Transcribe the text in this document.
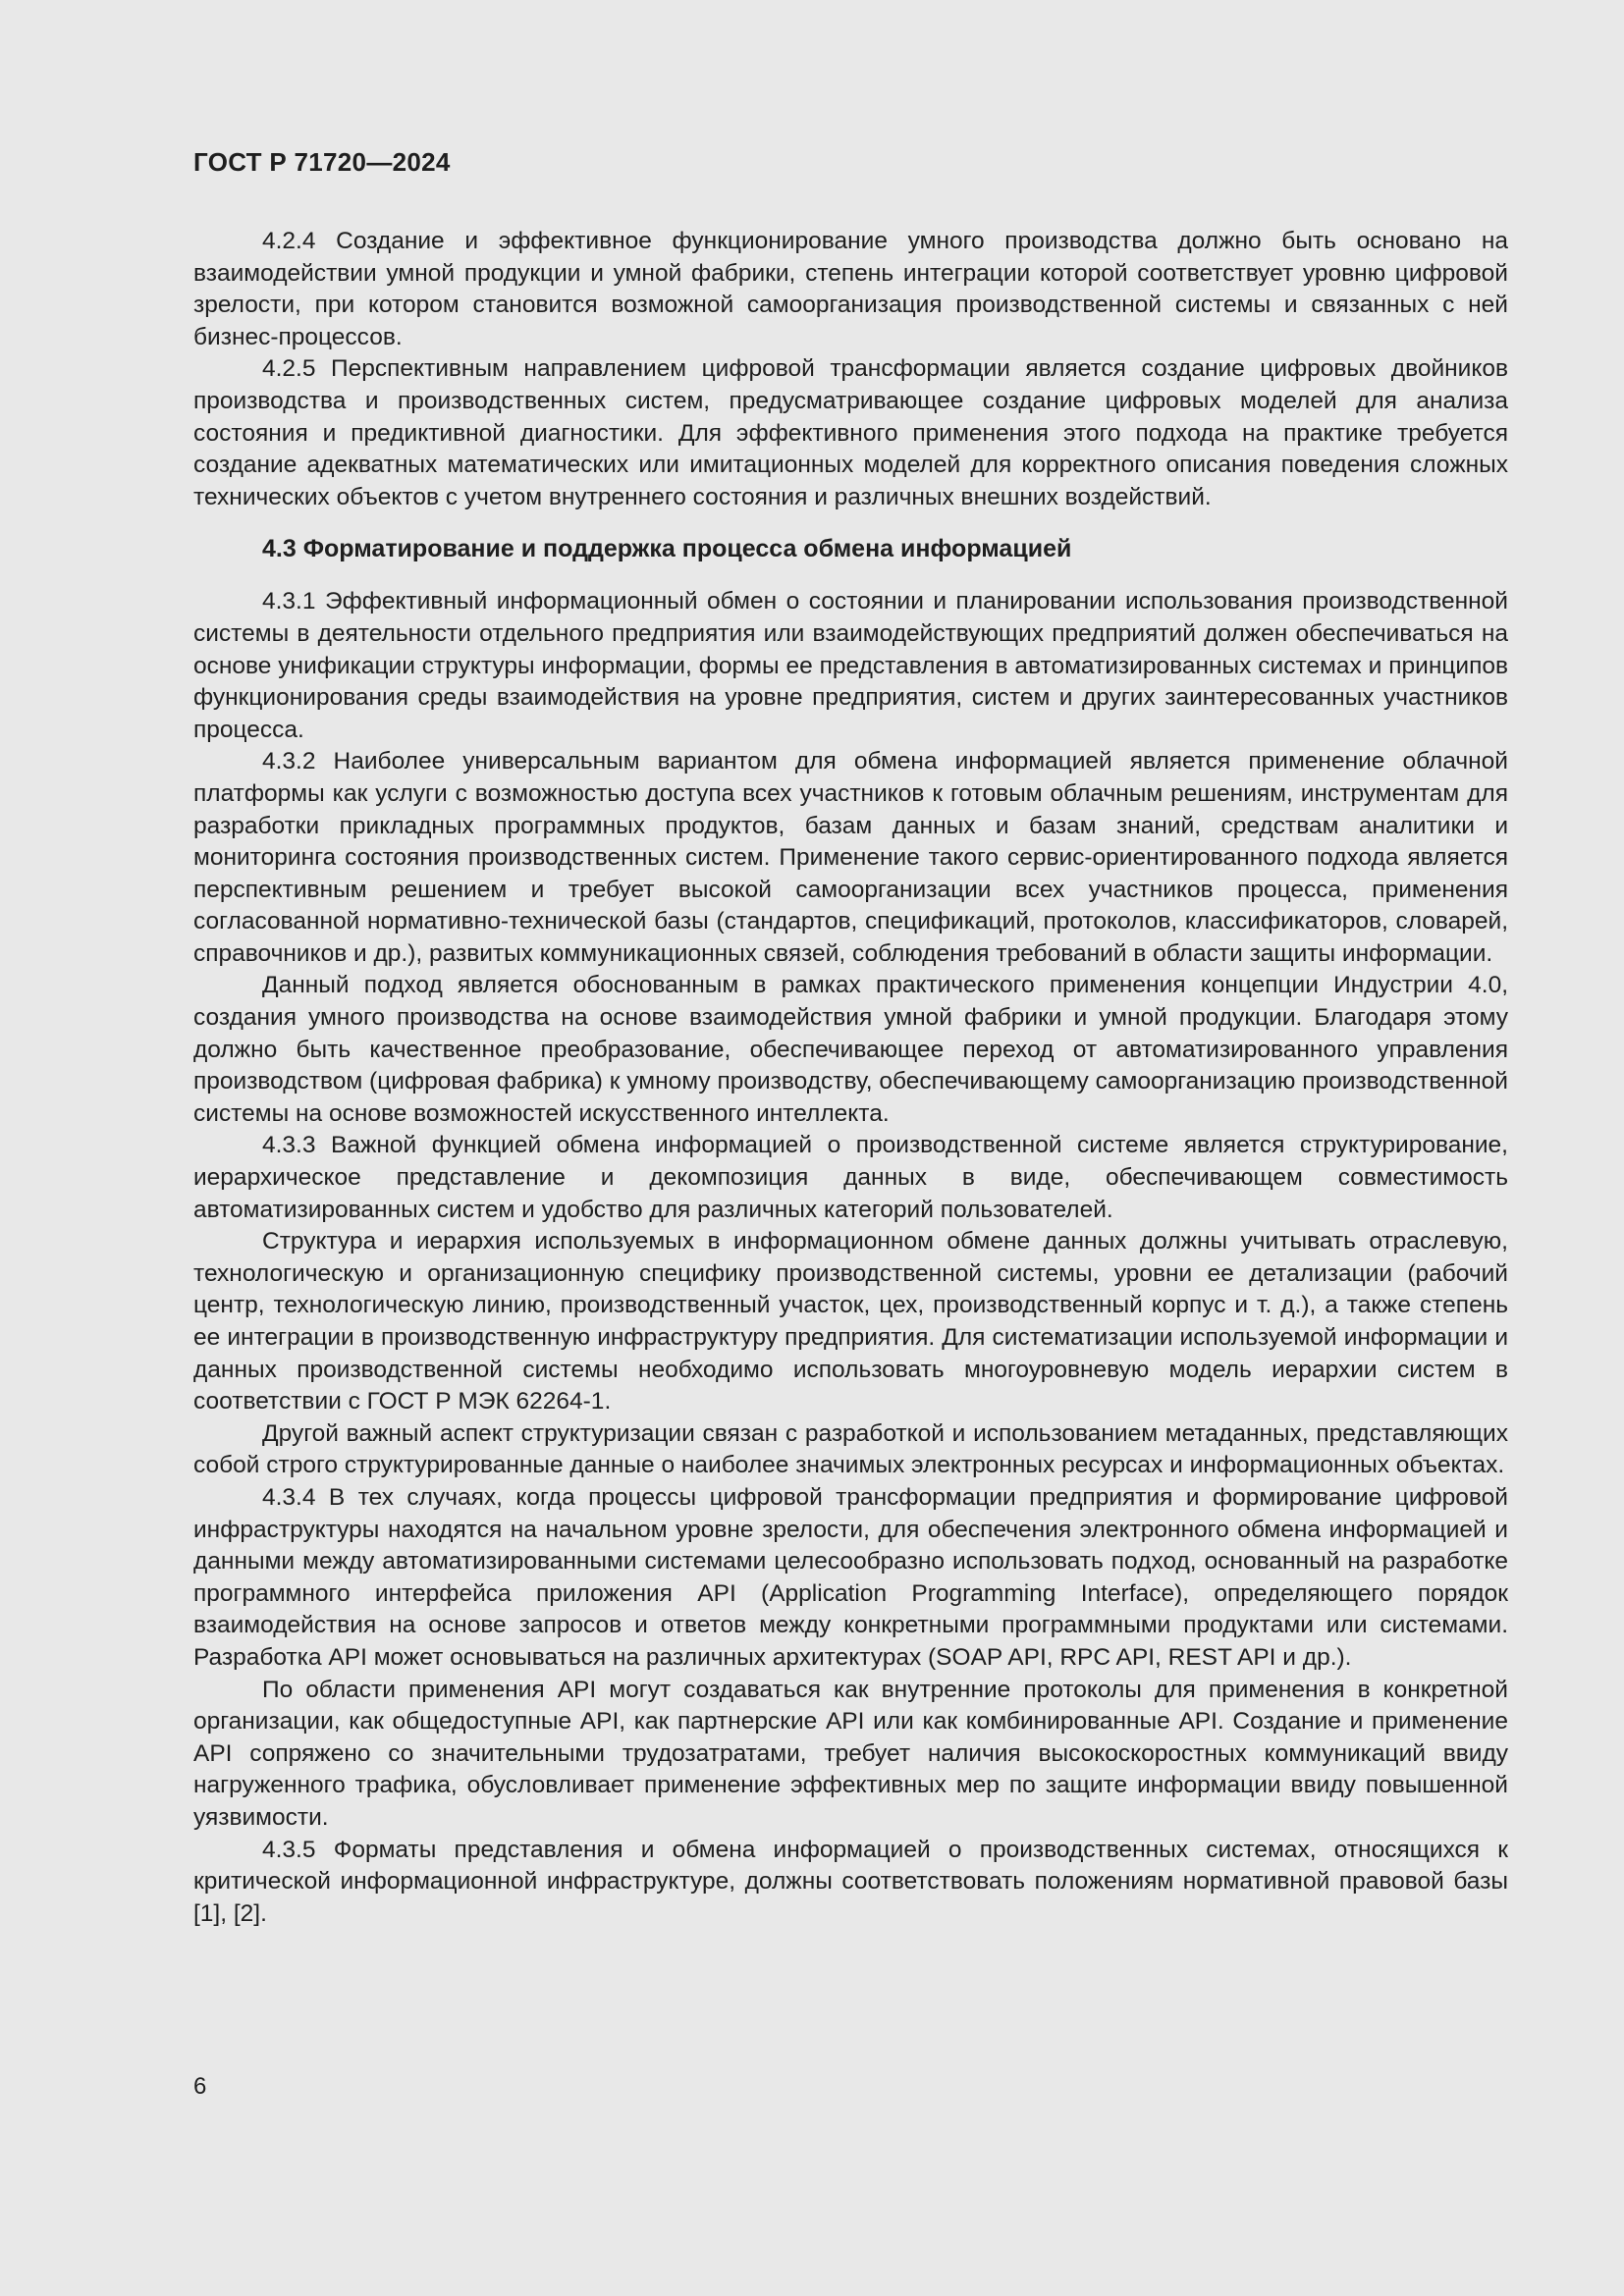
ГОСТ Р 71720—2024

4.2.4 Создание и эффективное функционирование умного производства должно быть основано на взаимодействии умной продукции и умной фабрики, степень интеграции которой соответствует уровню цифровой зрелости, при котором становится возможной самоорганизация производственной системы и связанных с ней бизнес-процессов.

4.2.5 Перспективным направлением цифровой трансформации является создание цифровых двойников производства и производственных систем, предусматривающее создание цифровых моделей для анализа состояния и предиктивной диагностики. Для эффективного применения этого подхода на практике требуется создание адекватных математических или имитационных моделей для корректного описания поведения сложных технических объектов с учетом внутреннего состояния и различных внешних воздействий.

4.3 Форматирование и поддержка процесса обмена информацией

4.3.1 Эффективный информационный обмен о состоянии и планировании использования производственной системы в деятельности отдельного предприятия или взаимодействующих предприятий должен обеспечиваться на основе унификации структуры информации, формы ее представления в автоматизированных системах и принципов функционирования среды взаимодействия на уровне предприятия, систем и других заинтересованных участников процесса.

4.3.2 Наиболее универсальным вариантом для обмена информацией является применение облачной платформы как услуги с возможностью доступа всех участников к готовым облачным решениям, инструментам для разработки прикладных программных продуктов, базам данных и базам знаний, средствам аналитики и мониторинга состояния производственных систем. Применение такого сервис-ориентированного подхода является перспективным решением и требует высокой самоорганизации всех участников процесса, применения согласованной нормативно-технической базы (стандартов, спецификаций, протоколов, классификаторов, словарей, справочников и др.), развитых коммуникационных связей, соблюдения требований в области защиты информации.

Данный подход является обоснованным в рамках практического применения концепции Индустрии 4.0, создания умного производства на основе взаимодействия умной фабрики и умной продукции. Благодаря этому должно быть качественное преобразование, обеспечивающее переход от автоматизированного управления производством (цифровая фабрика) к умному производству, обеспечивающему самоорганизацию производственной системы на основе возможностей искусственного интеллекта.

4.3.3 Важной функцией обмена информацией о производственной системе является структурирование, иерархическое представление и декомпозиция данных в виде, обеспечивающем совместимость автоматизированных систем и удобство для различных категорий пользователей.

Структура и иерархия используемых в информационном обмене данных должны учитывать отраслевую, технологическую и организационную специфику производственной системы, уровни ее детализации (рабочий центр, технологическую линию, производственный участок, цех, производственный корпус и т. д.), а также степень ее интеграции в производственную инфраструктуру предприятия. Для систематизации используемой информации и данных производственной системы необходимо использовать многоуровневую модель иерархии систем в соответствии с ГОСТ Р МЭК 62264-1.

Другой важный аспект структуризации связан с разработкой и использованием метаданных, представляющих собой строго структурированные данные о наиболее значимых электронных ресурсах и информационных объектах.

4.3.4 В тех случаях, когда процессы цифровой трансформации предприятия и формирование цифровой инфраструктуры находятся на начальном уровне зрелости, для обеспечения электронного обмена информацией и данными между автоматизированными системами целесообразно использовать подход, основанный на разработке программного интерфейса приложения API (Application Programming Interface), определяющего порядок взаимодействия на основе запросов и ответов между конкретными программными продуктами или системами. Разработка API может основываться на различных архитектурах (SOAP API, RPC API, REST API и др.).

По области применения API могут создаваться как внутренние протоколы для применения в конкретной организации, как общедоступные API, как партнерские API или как комбинированные API. Создание и применение API сопряжено со значительными трудозатратами, требует наличия высокоскоростных коммуникаций ввиду нагруженного трафика, обусловливает применение эффективных мер по защите информации ввиду повышенной уязвимости.

4.3.5 Форматы представления и обмена информацией о производственных системах, относящихся к критической информационной инфраструктуре, должны соответствовать положениям нормативной правовой базы [1], [2].

6
